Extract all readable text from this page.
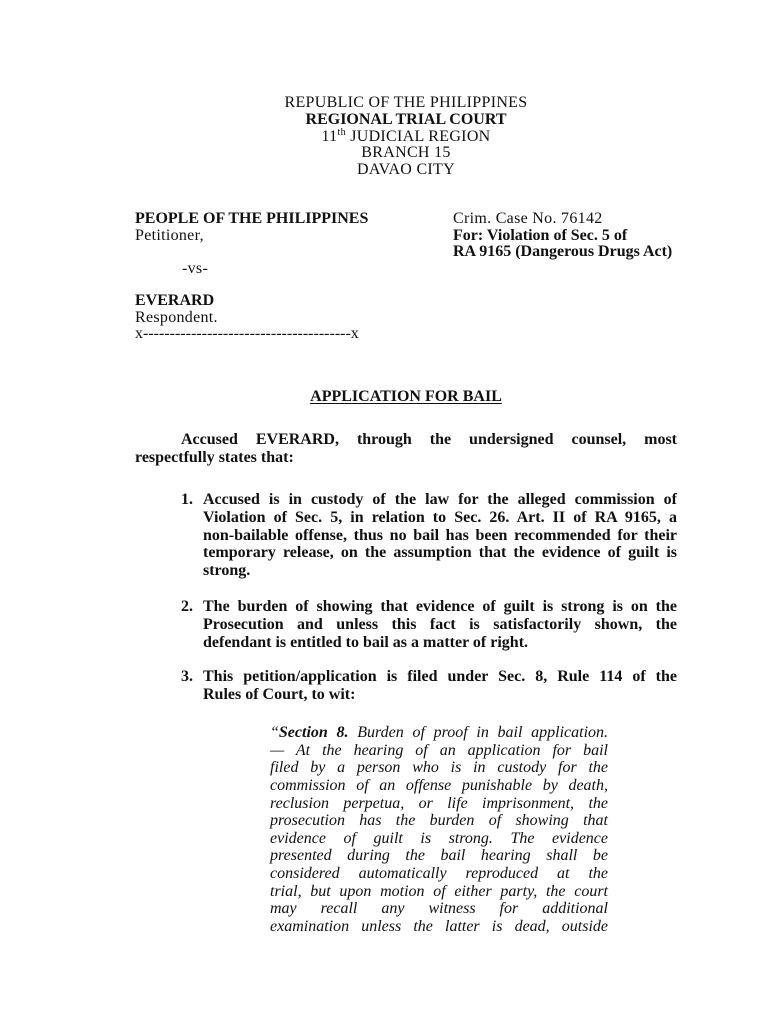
REPUBLIC OF THE PHILIPPINES
REGIONAL TRIAL COURT
11th JUDICIAL REGION
BRANCH 15
DAVAO CITY
PEOPLE OF THE PHILIPPINES
Petitioner,
-vs-
EVERARD
Respondent.
x---------------------------------------x
Crim. Case No. 76142
For: Violation of Sec. 5 of
RA 9165 (Dangerous Drugs Act)
APPLICATION FOR BAIL
Accused EVERARD, through the undersigned counsel, most
respectfully states that:
1. Accused is in custody of the law for the alleged commission of
Violation of Sec. 5, in relation to Sec. 26. Art. II of RA 9165, a
non-bailable offense, thus no bail has been recommended for their
temporary release, on the assumption that the evidence of guilt is
strong.
2. The burden of showing that evidence of guilt is strong is on the
Prosecution and unless this fact is satisfactorily shown, the
defendant is entitled to bail as a matter of right.
3. This petition/application is filed under Sec. 8, Rule 114 of the
Rules of Court, to wit:
“Section 8. Burden of proof in bail application.
— At the hearing of an application for bail
filed by a person who is in custody for the
commission of an offense punishable by death,
reclusion perpetua, or life imprisonment, the
prosecution has the burden of showing that
evidence of guilt is strong. The evidence
presented during the bail hearing shall be
considered automatically reproduced at the
trial, but upon motion of either party, the court
may recall any witness for additional
examination unless the latter is dead, outside
